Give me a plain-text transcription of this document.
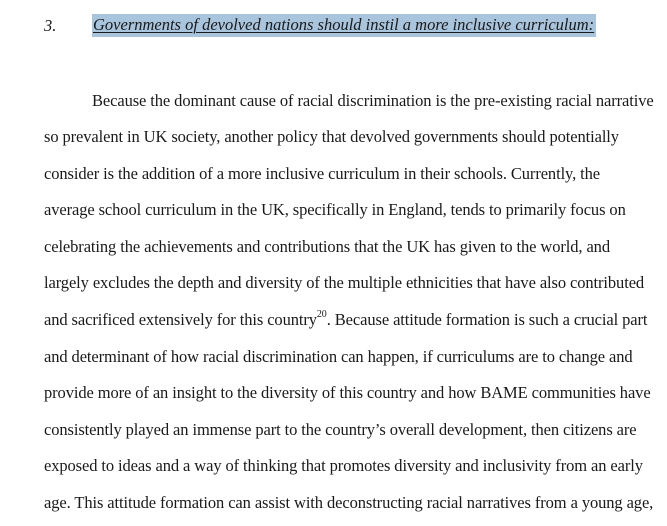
3. Governments of devolved nations should instil a more inclusive curriculum:
Because the dominant cause of racial discrimination is the pre-existing racial narrative
so prevalent in UK society, another policy that devolved governments should potentially
consider is the addition of a more inclusive curriculum in their schools. Currently, the
average school curriculum in the UK, specifically in England, tends to primarily focus on
celebrating the achievements and contributions that the UK has given to the world, and
largely excludes the depth and diversity of the multiple ethnicities that have also contributed
and sacrificed extensively for this country$^{20}$. Because attitude formation is such a crucial part
and determinant of how racial discrimination can happen, if curriculums are to change and
provide more of an insight to the diversity of this country and how BAME communities have
consistently played an immense part to the country’s overall development, then citizens are
exposed to ideas and a way of thinking that promotes diversity and inclusivity from an early
age. This attitude formation can assist with deconstructing racial narratives from a young age,
